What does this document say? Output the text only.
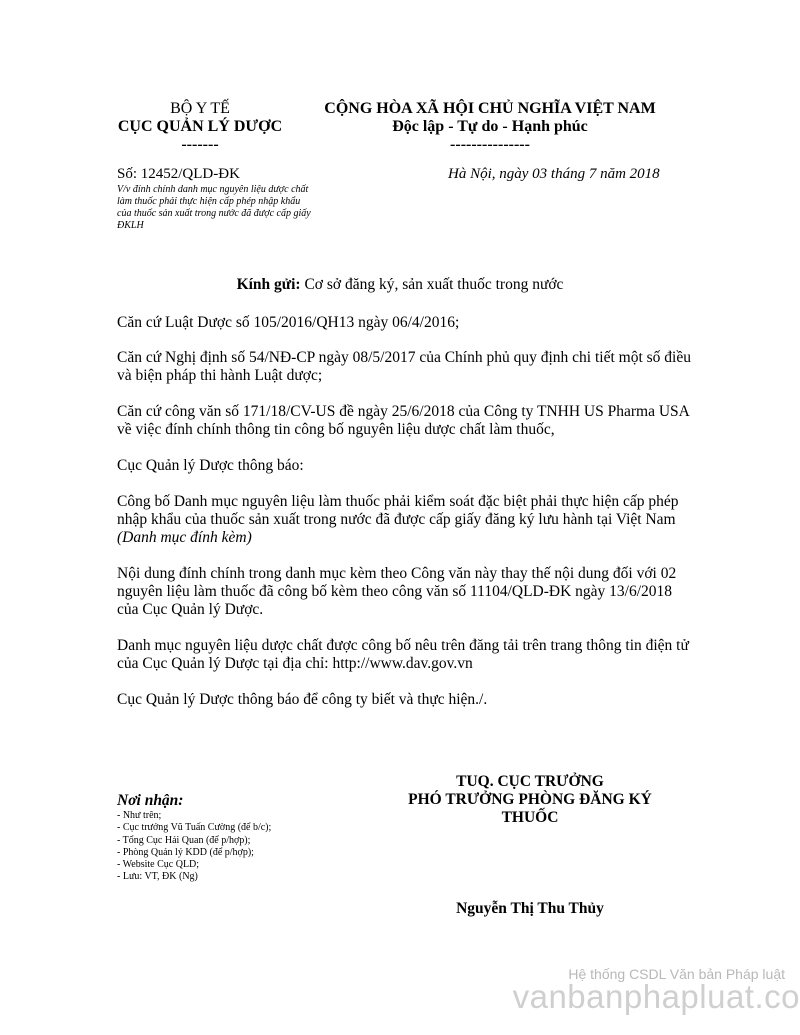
BỘ Y TẾ
CỤC QUẢN LÝ DƯỢC
-------
CỘNG HÒA XÃ HỘI CHỦ NGHĨA VIỆT NAM
Độc lập - Tự do - Hạnh phúc
---------------
Số: 12452/QLD-ĐK
V/v đính chính danh mục nguyên liệu dược chất làm thuốc phải thực hiện cấp phép nhập khẩu của thuốc sản xuất trong nước đã được cấp giấy ĐKLH
Hà Nội, ngày 03 tháng 7 năm 2018
Kính gửi: Cơ sở đăng ký, sản xuất thuốc trong nước
Căn cứ Luật Dược số 105/2016/QH13 ngày 06/4/2016;
Căn cứ Nghị định số 54/NĐ-CP ngày 08/5/2017 của Chính phủ quy định chi tiết một số điều và biện pháp thi hành Luật dược;
Căn cứ công văn số 171/18/CV-US đề ngày 25/6/2018 của Công ty TNHH US Pharma USA về việc đính chính thông tin công bố nguyên liệu dược chất làm thuốc,
Cục Quản lý Dược thông báo:
Công bố Danh mục nguyên liệu làm thuốc phải kiểm soát đặc biệt phải thực hiện cấp phép nhập khẩu của thuốc sản xuất trong nước đã được cấp giấy đăng ký lưu hành tại Việt Nam (Danh mục đính kèm)
Nội dung đính chính trong danh mục kèm theo Công văn này thay thế nội dung đối với 02 nguyên liệu làm thuốc đã công bố kèm theo công văn số 11104/QLD-ĐK ngày 13/6/2018 của Cục Quản lý Dược.
Danh mục nguyên liệu dược chất được công bố nêu trên đăng tải trên trang thông tin điện tử của Cục Quản lý Dược tại địa chỉ: http://www.dav.gov.vn
Cục Quản lý Dược thông báo để công ty biết và thực hiện./.
TUQ. CỤC TRƯỞNG
PHÓ TRƯỞNG PHÒNG ĐĂNG KÝ
THUỐC
Nguyễn Thị Thu Thủy
Nơi nhận:
- Như trên;
- Cục trưởng Vũ Tuấn Cường (để b/c);
- Tổng Cục Hải Quan (để p/hợp);
- Phòng Quản lý KDD (để p/hợp);
- Website Cục QLD;
- Lưu: VT, ĐK (Ng)
Hệ thống CSDL Văn bản Pháp luật
vanbanphapluat.co
